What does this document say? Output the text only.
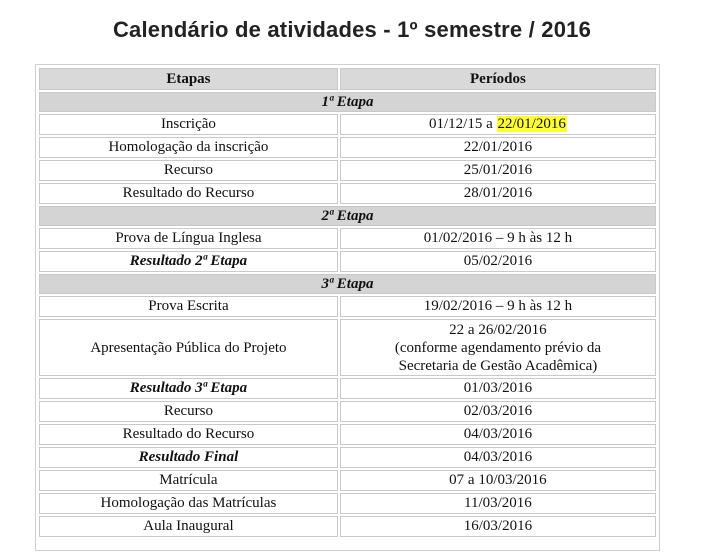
Calendário de atividades - 1º semestre / 2016
Etapas	Períodos
1ª Etapa	
Inscrição	01/12/15 a 22/01/2016
Homologação da inscrição	22/01/2016
Recurso	25/01/2016
Resultado do Recurso	28/01/2016
2ª Etapa	
Prova de Língua Inglesa	01/02/2016 – 9 h às 12 h
Resultado 2ª Etapa	05/02/2016
3ª Etapa	
Prova Escrita	19/02/2016 – 9 h às 12 h
Apresentação Pública do Projeto	22 a 26/02/2016
(conforme agendamento prévio da
Secretaria de Gestão Acadêmica)

Resultado 3ª Etapa	01/03/2016
Recurso	02/03/2016
Resultado do Recurso	04/03/2016
Resultado Final	04/03/2016
Matrícula	07 a 10/03/2016
Homologação das Matrículas	11/03/2016
Aula Inaugural	16/03/2016
